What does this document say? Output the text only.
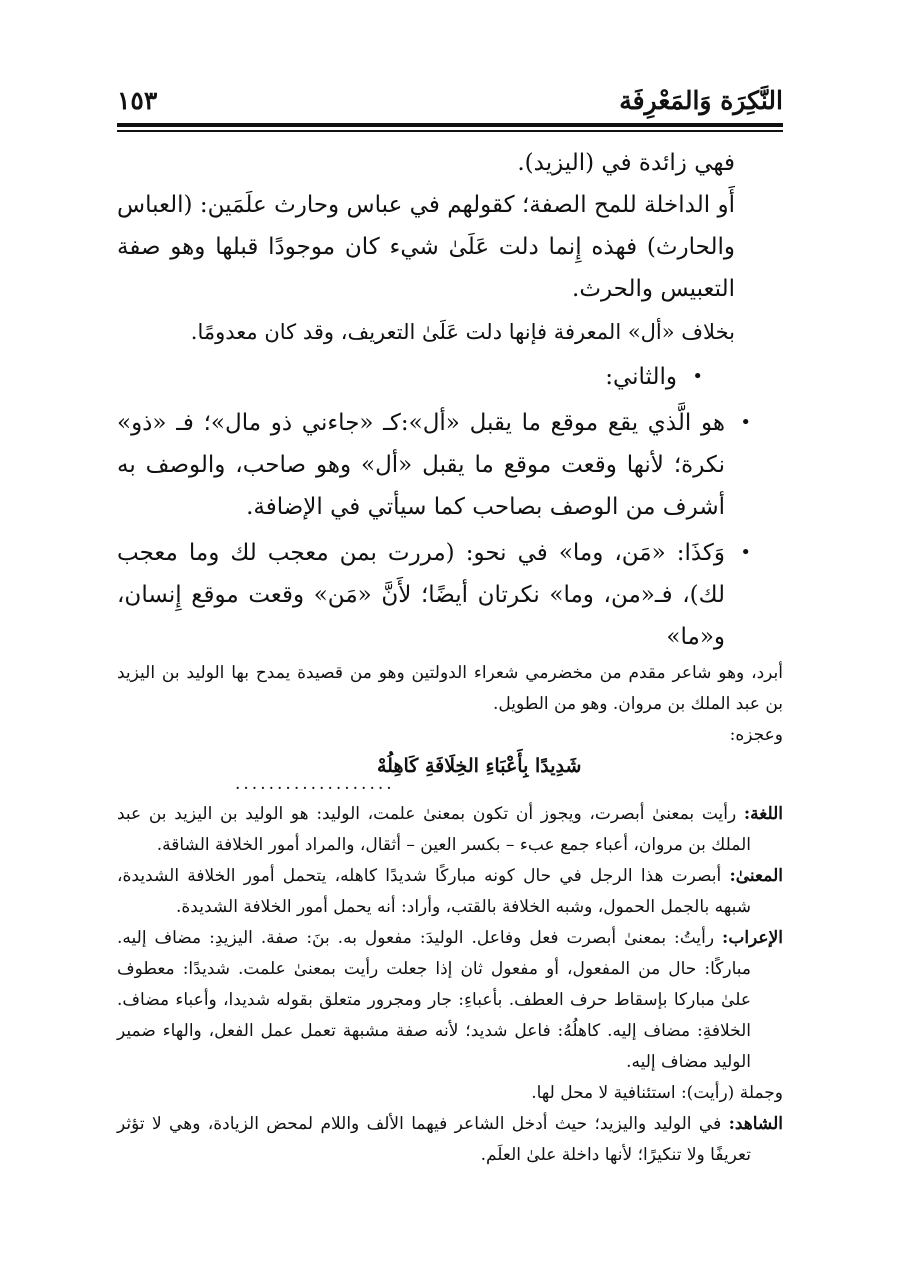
النَّكِرَة وَالمَعْرِفَة
١٥٣

فهي زائدة في (اليزيد).

أَو الداخلة للمح الصفة؛ كقولهم في عباس وحارث علَمَين: (العباس والحارث) فهذه إِنما دلت عَلَىٰ شيء كان موجودًا قبلها وهو صفة التعبيس والحرث.

بخلاف «أل» المعرفة فإنها دلت عَلَىٰ التعريف، وقد كان معدومًا.

•
والثاني:
•
هو الَّذي يقع موقع ما يقبل «أل»:كـ «جاءني ذو مال»؛ فـ «ذو» نكرة؛ لأنها وقعت موقع ما يقبل «أل» وهو صاحب، والوصف به أشرف من الوصف بصاحب كما سيأتي في الإضافة.
•
وَكذَا: «مَن، وما» في نحو: (مررت بمن معجب لك وما معجب لك)، فـ«من، وما» نكرتان أيضًا؛ لأَنَّ «مَن» وقعت موقع إِنسان، و«ما»

أبرد، وهو شاعر مقدم من مخضرمي شعراء الدولتين وهو من قصيدة يمدح بها الوليد بن اليزيد بن عبد الملك بن مروان. وهو من الطويل.

وعجزه:

شَدِيدًا بِأَعْبَاءِ الخِلَافَةِ كَاهِلُهْ
...................

اللغة: رأيت بمعنىٰ أبصرت، ويجوز أن تكون بمعنىٰ علمت، الوليد: هو الوليد بن اليزيد بن عبد الملك بن مروان، أعباء جمع عبء – بكسر العين – أثقال، والمراد أمور الخلافة الشاقة.

المعنىٰ: أبصرت هذا الرجل في حال كونه مباركًا شديدًا كاهله، يتحمل أمور الخلافة الشديدة، شبهه بالجمل الحمول، وشبه الخلافة بالقتب، وأراد: أنه يحمل أمور الخلافة الشديدة.

الإعراب: رأيتُ: بمعنىٰ أبصرت فعل وفاعل. الوليدَ: مفعول به. بنَ: صفة. اليزيدِ: مضاف إليه. مباركًا: حال من المفعول، أو مفعول ثان إذا جعلت رأيت بمعنىٰ علمت. شديدًا: معطوف علىٰ مباركا بإسقاط حرف العطف. بأعباءِ: جار ومجرور متعلق بقوله شديدا، وأعباء مضاف. الخلافةِ: مضاف إليه. كاهلُهُ: فاعل شديد؛ لأنه صفة مشبهة تعمل عمل الفعل، والهاء ضمير الوليد مضاف إليه.

وجملة (رأيت): استئنافية لا محل لها.

الشاهد: في الوليد واليزيد؛ حيث أدخل الشاعر فيهما الألف واللام لمحض الزيادة، وهي لا تؤثر تعريفًا ولا تنكيرًا؛ لأنها داخلة علىٰ العلَم.
